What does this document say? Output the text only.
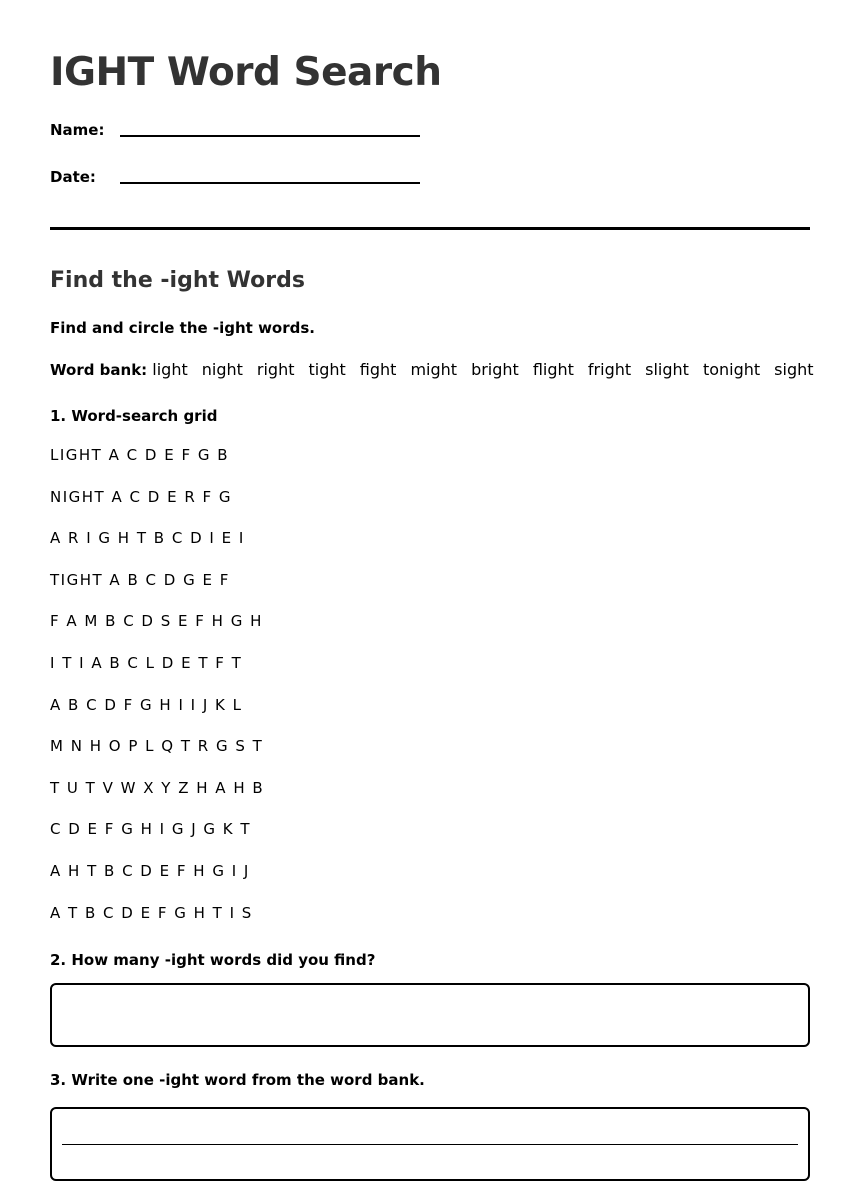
IGHT Word Search
Name:
Date:
Find the -ight Words
Find and circle the -ight words.
Word bank: light night right tight fight might bright flight fright slight tonight sight
1. Word-search grid
LIGHT A C D E F G B
NIGHT A C D E R F G
A R I G H T B C D I E I
TIGHT A B C D G E F
F A M B C D S E F H G H
I T I A B C L D E T F T
A B C D F G H I I J K L
M N H O P L Q T R G S T
T U T V W X Y Z H A H B
C D E F G H I G J G K T
A H T B C D E F H G I J
A T B C D E F G H T I S
2. How many -ight words did you find?
3. Write one -ight word from the word bank.
